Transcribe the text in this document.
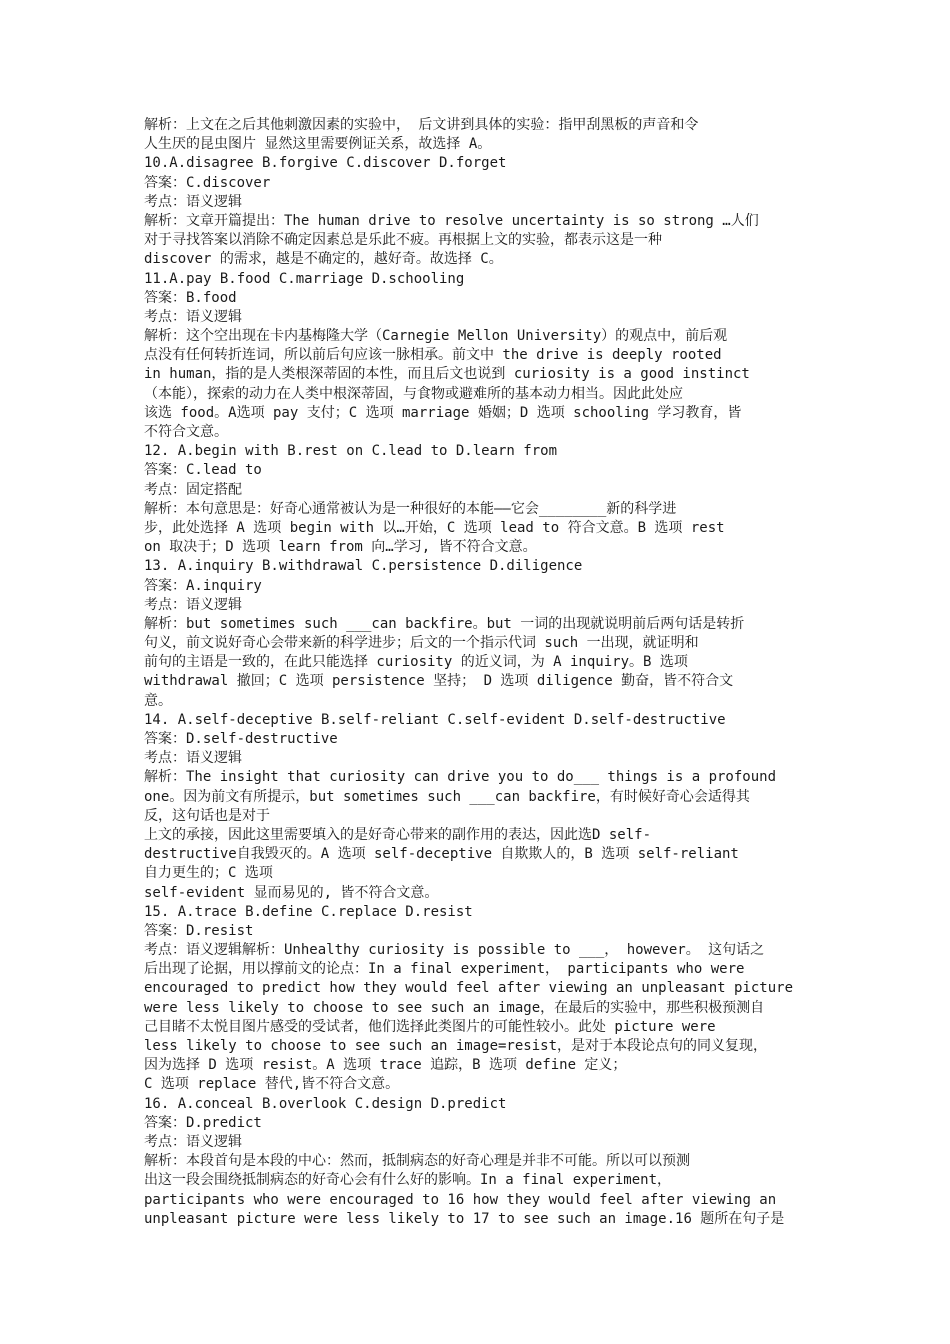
解析：上文在之后其他刺激因素的实验中， 后文讲到具体的实验：指甲刮黑板的声音和令
人生厌的昆虫图片 显然这里需要例证关系，故选择 A。
10.A.disagree B.forgive C.discover D.forget
答案：C.discover
考点：语义逻辑
解析：文章开篇提出：The human drive to resolve uncertainty is so strong …人们
对于寻找答案以消除不确定因素总是乐此不疲。再根据上文的实验，都表示这是一种
discover 的需求，越是不确定的，越好奇。故选择 C。
11.A.pay B.food C.marriage D.schooling
答案：B.food
考点：语义逻辑
解析：这个空出现在卡内基梅隆大学（Carnegie Mellon University）的观点中，前后观
点没有任何转折连词，所以前后句应该一脉相承。前文中 the drive is deeply rooted
in human，指的是人类根深蒂固的本性，而且后文也说到 curiosity is a good instinct
（本能），探索的动力在人类中根深蒂固，与食物或避难所的基本动力相当。因此此处应
该选 food。A选项 pay 支付；C 选项 marriage 婚姻；D 选项 schooling 学习教育，皆
不符合文意。
12. A.begin with B.rest on C.lead to D.learn from
答案：C.lead to
考点：固定搭配
解析：本句意思是：好奇心通常被认为是一种很好的本能——它会________新的科学进
步，此处选择 A 选项 begin with 以…开始，C 选项 lead to 符合文意。B 选项 rest
on 取决于；D 选项 learn from 向…学习, 皆不符合文意。
13. A.inquiry B.withdrawal C.persistence D.diligence
答案：A.inquiry
考点：语义逻辑
解析：but sometimes such ___can backfire。but 一词的出现就说明前后两句话是转折
句义，前文说好奇心会带来新的科学进步；后文的一个指示代词 such 一出现，就证明和
前句的主语是一致的，在此只能选择 curiosity 的近义词，为 A inquiry。B 选项
withdrawal 撤回；C 选项 persistence 坚持； D 选项 diligence 勤奋，皆不符合文
意。
14. A.self-deceptive B.self-reliant C.self-evident D.self-destructive
答案：D.self-destructive
考点：语义逻辑
解析：The insight that curiosity can drive you to do___ things is a profound
one。因为前文有所提示，but sometimes such ___can backfire，有时候好奇心会适得其
反，这句话也是对于
上文的承接，因此这里需要填入的是好奇心带来的副作用的表达，因此选D self-
destructive自我毁灭的。A 选项 self-deceptive 自欺欺人的，B 选项 self-reliant
自力更生的；C 选项
self-evident 显而易见的, 皆不符合文意。
15. A.trace B.define C.replace D.resist
答案：D.resist
考点：语义逻辑解析：Unhealthy curiosity is possible to ___， however。 这句话之
后出现了论据，用以撑前文的论点：In a final experiment， participants who were
encouraged to predict how they would feel after viewing an unpleasant picture
were less likely to choose to see such an image，在最后的实验中，那些积极预测自
己目睹不太悦目图片感受的受试者，他们选择此类图片的可能性较小。此处 picture were
less likely to choose to see such an image=resist，是对于本段论点句的同义复现，
因为选择 D 选项 resist。A 选项 trace 追踪，B 选项 define 定义；
C 选项 replace 替代,皆不符合文意。
16. A.conceal B.overlook C.design D.predict
答案：D.predict
考点：语义逻辑
解析：本段首句是本段的中心：然而，抵制病态的好奇心理是并非不可能。所以可以预测
出这一段会围绕抵制病态的好奇心会有什么好的影响。In a final experiment，
participants who were encouraged to 16 how they would feel after viewing an
unpleasant picture were less likely to 17 to see such an image.16 题所在句子是
